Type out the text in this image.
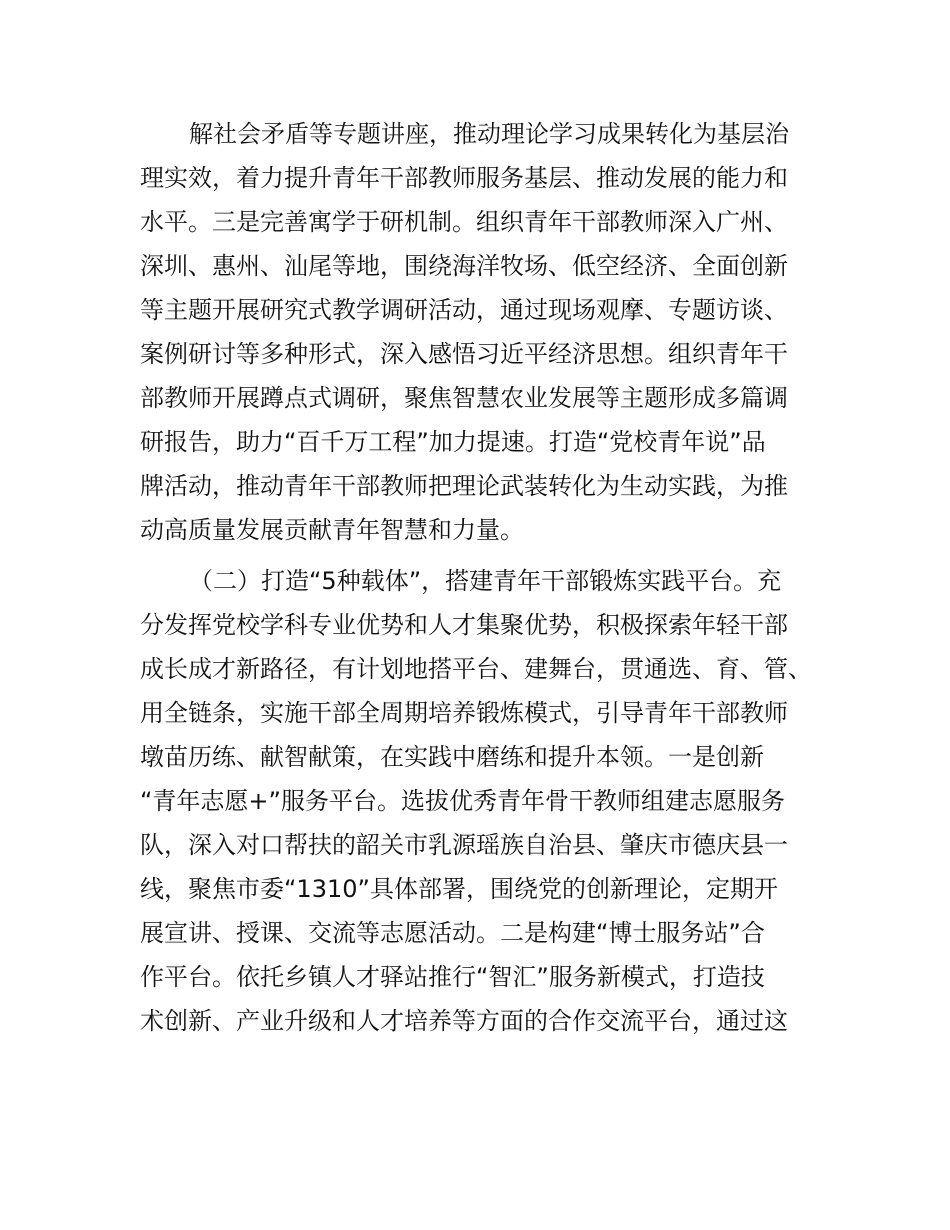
解社会矛盾等专题讲座，推动理论学习成果转化为基层治
理实效，着力提升青年干部教师服务基层、推动发展的能力和
水平。三是完善寓学于研机制。组织青年干部教师深入广州、
深圳、惠州、汕尾等地，围绕海洋牧场、低空经济、全面创新
等主题开展研究式教学调研活动，通过现场观摩、专题访谈、
案例研讨等多种形式，深入感悟习近平经济思想。组织青年干
部教师开展蹲点式调研，聚焦智慧农业发展等主题形成多篇调
研报告，助力“百千万工程”加力提速。打造“党校青年说”品
牌活动，推动青年干部教师把理论武装转化为生动实践，为推
动高质量发展贡献青年智慧和力量。
（二）打造“5种载体”，搭建青年干部锻炼实践平台。充
分发挥党校学科专业优势和人才集聚优势，积极探索年轻干部
成长成才新路径，有计划地搭平台、建舞台，贯通选、育、管、
用全链条，实施干部全周期培养锻炼模式，引导青年干部教师
墩苗历练、献智献策，在实践中磨练和提升本领。一是创新
“青年志愿+”服务平台。选拔优秀青年骨干教师组建志愿服务
队，深入对口帮扶的韶关市乳源瑶族自治县、肇庆市德庆县一
线，聚焦市委“1310”具体部署，围绕党的创新理论，定期开
展宣讲、授课、交流等志愿活动。二是构建“博士服务站”合
作平台。依托乡镇人才驿站推行“智汇”服务新模式，打造技
术创新、产业升级和人才培养等方面的合作交流平台，通过这
